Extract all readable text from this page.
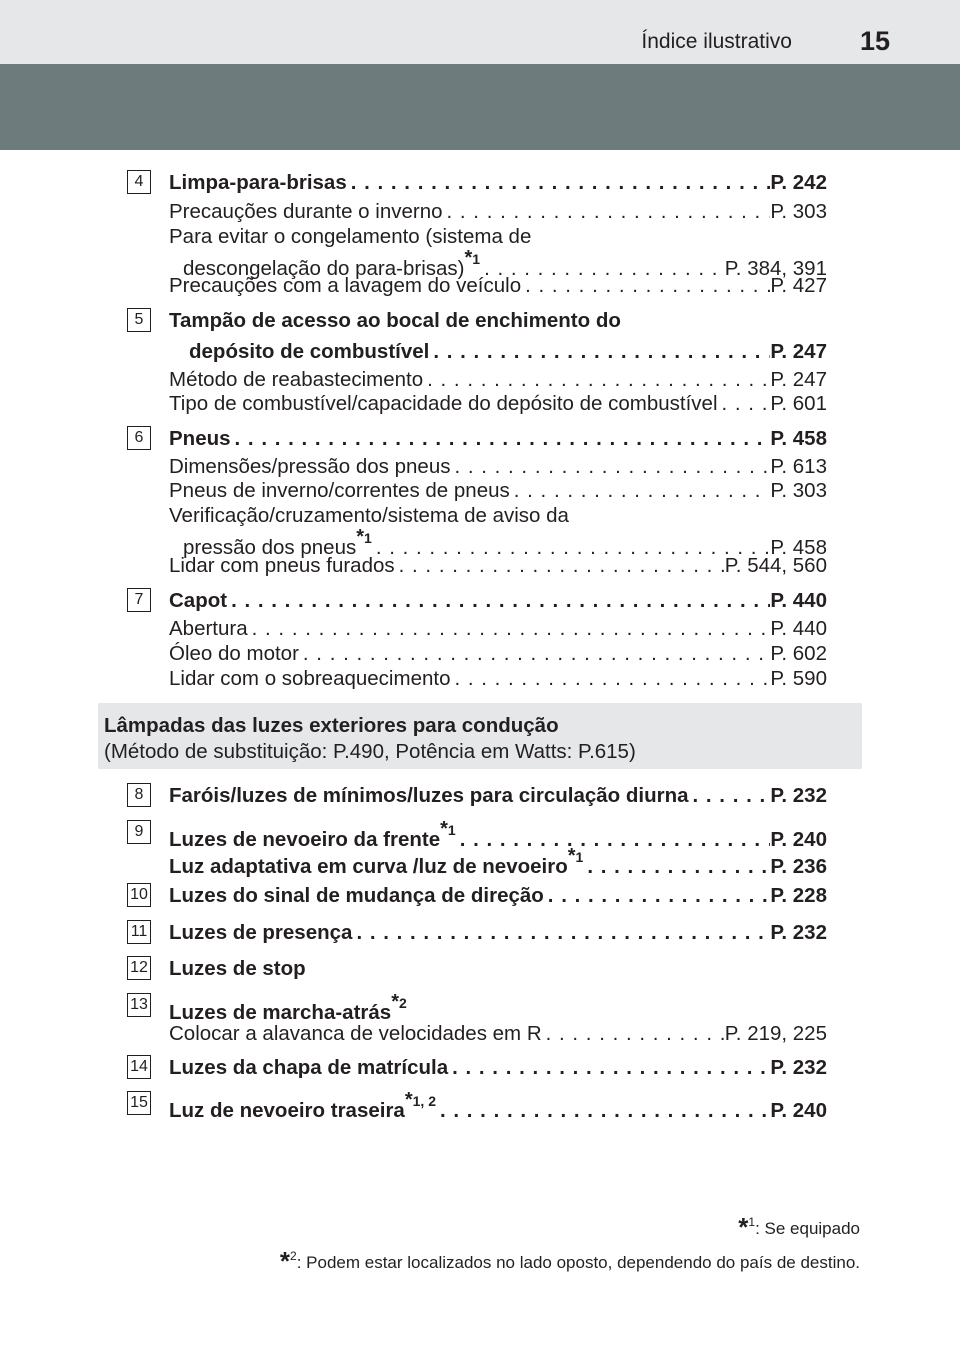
Índice ilustrativo	15
4	Limpa-para-brisas . . .	P. 242
Precauções durante o inverno . . .	P. 303
Para evitar o congelamento (sistema de
descongelação do para-brisas)$^{*1}$ . . .	P. 384, 391
Precauções com a lavagem do veículo . . .	P. 427
5	Tampão de acesso ao bocal de enchimento do
depósito de combustível . . .	P. 247
Método de reabastecimento . . .	P. 247
Tipo de combustível/capacidade do depósito de combustível . . .	P. 601
6	Pneus . . .	P. 458
Dimensões/pressão dos pneus . . .	P. 613
Pneus de inverno/correntes de pneus . . .	P. 303
Verificação/cruzamento/sistema de aviso da
pressão dos pneus$^{*1}$ . . .	P. 458
Lidar com pneus furados . . .	P. 544, 560
7	Capot . . .	P. 440
Abertura . . .	P. 440
Óleo do motor . . .	P. 602
Lidar com o sobreaquecimento . . .	P. 590
Lâmpadas das luzes exteriores para condução
(Método de substituição: P.490, Potência em Watts: P.615)
8	Faróis/luzes de mínimos/luzes para circulação diurna . . .	P. 232
9	Luzes de nevoeiro da frente$^{*1}$ . . .	P. 240
Luz adaptativa em curva /luz de nevoeiro$^{*1}$ . . .	P. 236
10 Luzes do sinal de mudança de direção . . .	P. 228
11 Luzes de presença . . .	P. 232
12 Luzes de stop
13 Luzes de marcha-atrás$^{*2}$
Colocar a alavanca de velocidades em R . . .	P. 219, 225
14 Luzes da chapa de matrícula . . .	P. 232
15 Luz de nevoeiro traseira$^{*1, 2}$ . . .	P. 240
*$^1$: Se equipado
*$^2$: Podem estar localizados no lado oposto, dependendo do país de destino.
